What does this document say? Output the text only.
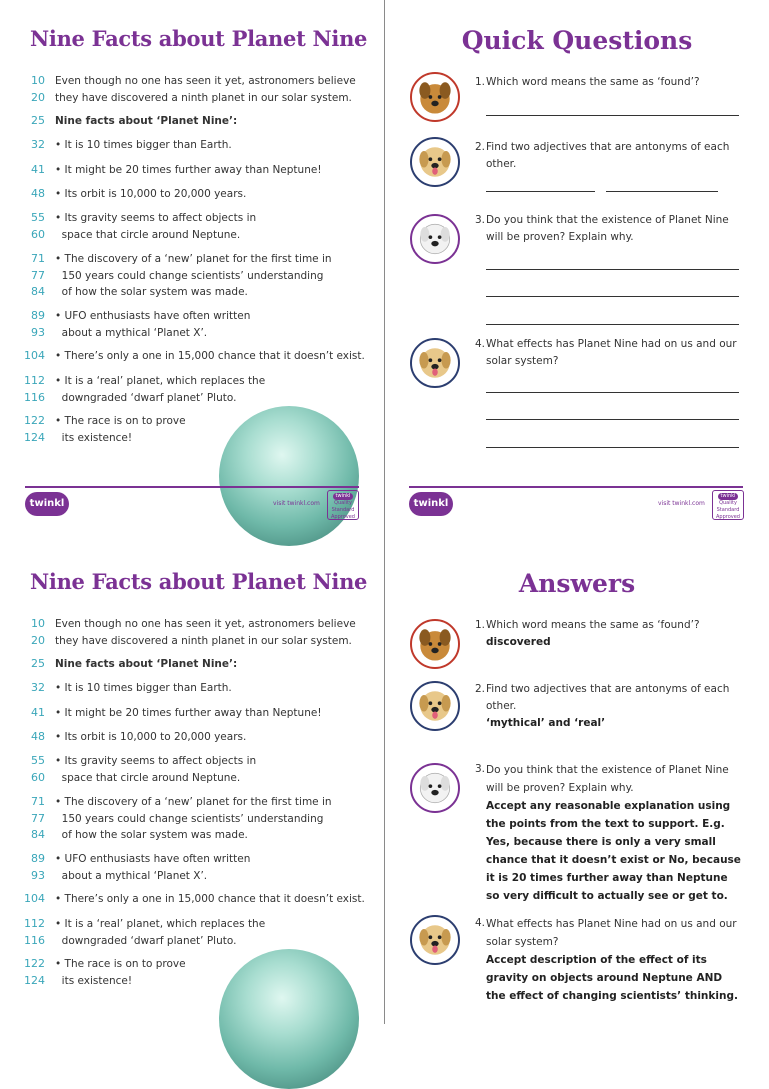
Nine Facts about Planet Nine
10
20
Even though no one has seen it yet, astronomers believe
they have discovered a ninth planet in our solar system.
25 Nine facts about ‘Planet Nine’:
32 • It is 10 times bigger than Earth.
41 • It might be 20 times further away than Neptune!
48 • Its orbit is 10,000 to 20,000 years.
55
60
• Its gravity seems to affect objects in
space that circle around Neptune.
71
77
84
• The discovery of a ‘new’ planet for the first time in
150 years could change scientists’ understanding
of how the solar system was made.
89
93
• UFO enthusiasts have often written
about a mythical ‘Planet X’.
104 • There’s only a one in 15,000 chance that it doesn’t exist.
112
116
• It is a ‘real’ planet, which replaces the
downgraded ‘dwarf planet’ Pluto.
122
124
• The race is on to prove
its existence!
twinkl	visit twinkl.com
twinkl
Quality Standard Approved
Quick Questions
1. Which word means the same as ‘found’?
2. Find two adjectives that are antonyms of each other.
3. Do you think that the existence of Planet Nine will be proven? Explain why.
4. What effects has Planet Nine had on us and our solar system?
twinkl	visit twinkl.com
twinkl
Quality Standard Approved
Nine Facts about Planet Nine
10
20
Even though no one has seen it yet, astronomers believe
they have discovered a ninth planet in our solar system.
25 Nine facts about ‘Planet Nine’:
32 • It is 10 times bigger than Earth.
41 • It might be 20 times further away than Neptune!
48 • Its orbit is 10,000 to 20,000 years.
55
60
• Its gravity seems to affect objects in
space that circle around Neptune.
71
77
84
• The discovery of a ‘new’ planet for the first time in
150 years could change scientists’ understanding
of how the solar system was made.
89
93
• UFO enthusiasts have often written
about a mythical ‘Planet X’.
104 • There’s only a one in 15,000 chance that it doesn’t exist.
112
116
• It is a ‘real’ planet, which replaces the
downgraded ‘dwarf planet’ Pluto.
122
124
• The race is on to prove
its existence!
Answers
1. Which word means the same as ‘found’?
discovered
2. Find two adjectives that are antonyms of each other.
‘mythical’ and ‘real’
3. Do you think that the existence of Planet Nine will be proven? Explain why.
Accept any reasonable explanation using the points from the text to support. E.g. Yes, because there is only a very small chance that it doesn’t exist or No, because it is 20 times further away than Neptune so very difficult to actually see or get to.
4. What effects has Planet Nine had on us and our solar system?
Accept description of the effect of its gravity on objects around Neptune AND the effect of changing scientists’ thinking.
